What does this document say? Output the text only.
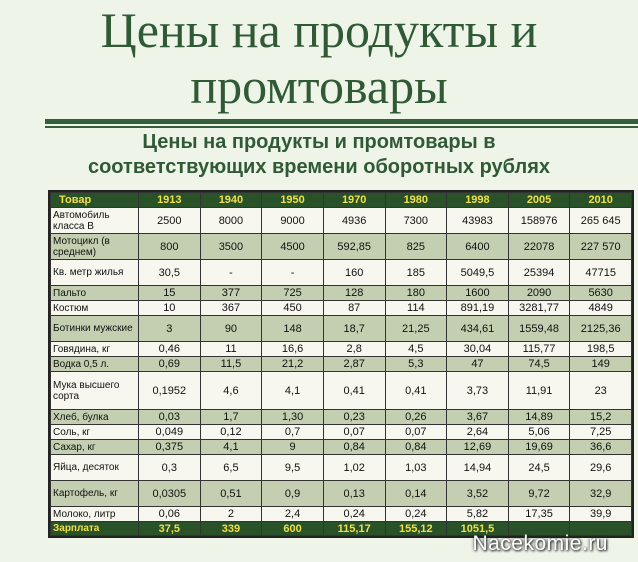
Цены на продукты и
промтовары
Цены на продукты и промтовары в
соответствующих времени оборотных рублях
Товар	1913	1940	1950	1970	1980	1998	2005	2010
Автомобиль класса В	2500	8000	9000	4936	7300	43983	158976	265 645
Мотоцикл (в среднем)	800	3500	4500	592,85	825	6400	22078	227 570
Кв. метр жилья	30,5	-	-	160	185	5049,5	25394	47715
Пальто	15	377	725	128	180	1600	2090	5630
Костюм	10	367	450	87	114	891,19	3281,77	4849
Ботинки мужские	3	90	148	18,7	21,25	434,61	1559,48	2125,36
Говядина, кг	0,46	11	16,6	2,8	4,5	30,04	115,77	198,5
Водка 0,5 л.	0,69	11,5	21,2	2,87	5,3	47	74,5	149
Мука высшего сорта	0,1952	4,6	4,1	0,41	0,41	3,73	11,91	23
Хлеб, булка	0,03	1,7	1,30	0,23	0,26	3,67	14,89	15,2
Соль, кг	0,049	0,12	0,7	0,07	0,07	2,64	5,06	7,25
Сахар, кг	0,375	4,1	9	0,84	0,84	12,69	19,69	36,6
Яйца, десяток	0,3	6,5	9,5	1,02	1,03	14,94	24,5	29,6
Картофель, кг	0,0305	0,51	0,9	0,13	0,14	3,52	9,72	32,9
Молоко, литр	0,06	2	2,4	0,24	0,24	5,82	17,35	39,9
Зарплата	37,5	339	600	115,17	155,12	1051,5		
Nacekomie.ru
